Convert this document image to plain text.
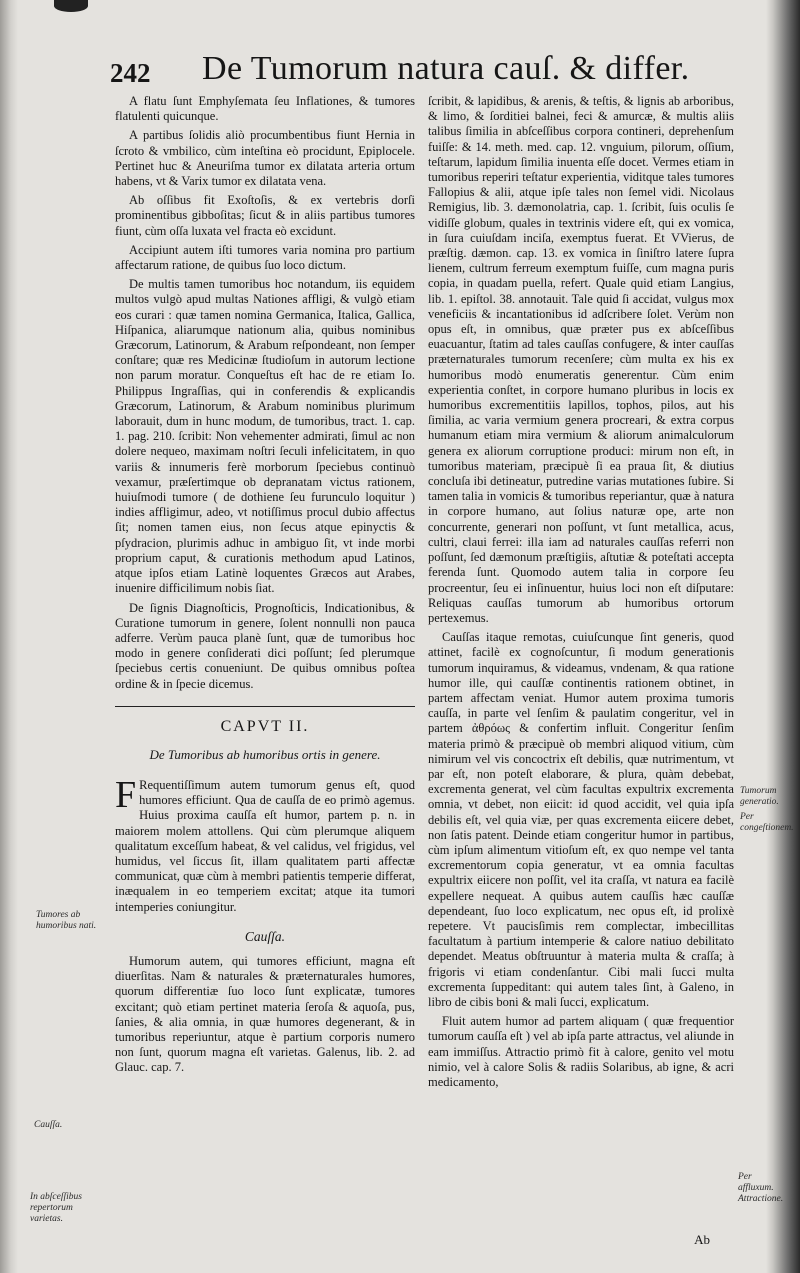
242 De Tumorum natura cauſ. & differ.

A flatu ſunt Emphyſemata ſeu Inflationes, & tumores flatulenti quicunque.

A partibus ſolidis aliò procumbentibus fiunt Hernia in ſcroto & vmbilico, cùm inteſtina eò procidunt, Epiplocele. Pertinet huc & Aneuriſma tumor ex dilatata arteria ortum habens, vt & Varix tumor ex dilatata vena.

Ab oſſibus fit Exoſtoſis, & ex vertebris dorſi prominentibus gibboſitas; ſicut & in aliis partibus tumores fiunt, cùm oſſa luxata vel fracta eò excidunt.

Accipiunt autem iſti tumores varia nomina pro partium affectarum ratione, de quibus ſuo loco dictum.

De multis tamen tumoribus hoc notandum, iis equidem multos vulgò apud multas Nationes affligi, & vulgò etiam eos curari : quæ tamen nomina Germanica, Italica, Gallica, Hiſpanica, aliarumque nationum alia, quibus nominibus Græcorum, Latinorum, & Arabum reſpondeant, non ſemper conſtare; quæ res Medicinæ ſtudioſum in autorum lectione non parum moratur. Conqueſtus eſt hac de re etiam Io. Philippus Ingraſſias, qui in conferendis & explicandis Græcorum, Latinorum, & Arabum nominibus plurimum laborauit, dum in hunc modum, de tumoribus, tract. 1. cap. 1. pag. 210. ſcribit: Non vehementer admirati, ſimul ac non dolere nequeo, maximam noſtri ſeculi infelicitatem, in quo variis & innumeris ferè morborum ſpeciebus continuò vexamur, præſertimque ob depranatam victus rationem, huiuſmodi tumore ( de dothiene ſeu furunculo loquitur ) indies affligimur, adeo, vt notiſſimus procul dubio affectus ſit; nomen tamen eius, non ſecus atque epinyctis & pſydracion, plurimis adhuc in ambiguo ſit, vt inde morbi proprium caput, & curationis methodum apud Latinos, atque ipſos etiam Latinè loquentes Græcos aut Arabes, inuenire difficilimum nobis ſiat.

De ſignis Diagnoſticis, Prognoſticis, Indicationibus, & Curatione tumorum in genere, ſolent nonnulli non pauca adferre. Verùm pauca planè ſunt, quæ de tumoribus hoc modo in genere conſiderati dici poſſunt; ſed plerumque ſpeciebus certis conueniunt. De quibus omnibus poſtea ordine & in ſpecie dicemus.

CAPVT II.
De Tumoribus ab humoribus ortis in genere.

FRequentiſſimum autem tumorum genus eſt, quod humores efficiunt. Qua de cauſſa de eo primò agemus. Huius proxima cauſſa eſt humor, partem p. n. in maiorem molem attollens. Qui cùm plerumque aliquem qualitatum exceſſum habeat, & vel calidus, vel frigidus, vel humidus, vel ſiccus ſit, illam qualitatem parti affectæ communicat, quæ cùm à membri patientis temperie differat, inæqualem in eo temperiem excitat; atque ita tumori intemperies coniungitur.

Cauſſa.

Humorum autem, qui tumores efficiunt, magna eſt diuerſitas. Nam & naturales & præternaturales humores, quorum differentiæ ſuo loco ſunt explicatæ, tumores excitant; quò etiam pertinet materia ſeroſa & aquoſa, pus, ſanies, & alia omnia, in quæ humores degenerant, & in tumoribus reperiuntur, atque è partium corporis numero non ſunt, quorum magna eſt varietas. Galenus, lib. 2. ad Glauc. cap. 7.

ſcribit, & lapidibus, & arenis, & teſtis, & lignis ab arboribus, & limo, & ſorditiei balnei, feci & amurcæ, & multis aliis talibus ſimilia in abſceſſibus corpora contineri, deprehenſum fuiſſe: & 14. meth. med. cap. 12. vnguium, pilorum, oſſium, teſtarum, lapidum ſimilia inuenta eſſe docet. Vermes etiam in tumoribus reperiri teſtatur experientia, viditque tales tumores Fallopius & alii, atque ipſe tales non ſemel vidi. Nicolaus Remigius, lib. 3. dæmonolatria, cap. 1. ſcribit, ſuis oculis ſe vidiſſe globum, quales in textrinis videre eſt, qui ex vomica, in ſura cuiuſdam inciſa, exemptus fuerat. Et VVierus, de præſtig. dæmon. cap. 13. ex vomica in ſiniſtro latere ſupra lienem, cultrum ferreum exemptum fuiſſe, cum magna puris copia, in quadam puella, refert. Quale quid etiam Langius, lib. 1. epiſtol. 38. annotauit. Tale quid ſi accidat, vulgus mox veneficiis & incantationibus id adſcribere ſolet. Verùm non opus eſt, in omnibus, quæ præter pus ex abſceſſibus euacuantur, ſtatim ad tales cauſſas confugere, & inter cauſſas præternaturales tumorum recenſere; cùm multa ex his ex humoribus modò enumeratis generentur. Cùm enim experientia conſtet, in corpore humano pluribus in locis ex humoribus excrementitiis lapillos, tophos, pilos, aut his ſimilia, ac varia vermium genera procreari, & extra corpus humanum etiam mira vermium & aliorum animalculorum genera ex aliorum corruptione produci: mirum non eſt, in tumoribus materiam, præcipuè ſi ea praua ſit, & diutius concluſa ibi detineatur, putredine varias mutationes ſubire. Si tamen talia in vomicis & tumoribus reperiantur, quæ à natura in corpore humano, aut ſolius naturæ ope, arte non concurrente, generari non poſſunt, vt ſunt metallica, acus, cultri, claui ferrei: illa iam ad naturales cauſſas referri non poſſunt, ſed dæmonum præſtigiis, aſtutiæ & poteſtati accepta ferenda ſunt. Quomodo autem talia in corpore ſeu procreentur, ſeu ei inſinuentur, huius loci non eſt diſputare: Reliquas cauſſas tumorum ab humoribus ortorum pertexemus.

Cauſſas itaque remotas, cuiuſcunque ſint generis, quod attinet, facilè ex cognoſcuntur, ſi modum generationis tumorum inquiramus, & videamus, vndenam, & qua ratione humor ille, qui cauſſæ continentis rationem obtinet, in partem affectam veniat. Humor autem proxima tumoris cauſſa, in parte vel ſenſim & paulatim congeritur, vel in partem ἀθρόως & confertim influit. Congeritur ſenſim materia primò & præcipuè ob membri aliquod vitium, cùm nimirum vel vis concoctrix eſt debilis, quæ nutrimentum, vt par eſt, non poteſt elaborare, & plura, quàm debebat, excrementa generat, vel cùm facultas expultrix excrementa omnia, vt debet, non eiicit: id quod accidit, vel quia ipſa debilis eſt, vel quia viæ, per quas excrementa eiicere debet, non ſatis patent. Deinde etiam congeritur humor in partibus, cùm ipſum alimentum vitioſum eſt, ex quo nempe vel tanta excrementorum copia generatur, vt ea omnia facultas expultrix eiicere non poſſit, vel ita craſſa, vt natura ea facilè expellere nequeat. A quibus autem cauſſis hæc cauſſæ dependeant, ſuo loco explicatum, nec opus eſt, id prolixè repetere. Vt paucisſimis rem complectar, imbecillitas facultatum à partium intemperie & calore natiuo debilitato dependet. Meatus obſtruuntur à materia multa & craſſa; à frigoris vi etiam condenſantur. Cibi mali ſucci multa excrementa ſuppeditant: qui autem tales ſint, à Galeno, in libro de cibis boni & mali ſucci, explicatum.

Fluit autem humor ad partem aliquam ( quæ frequentior tumorum cauſſa eſt ) vel ab ipſa parte attractus, vel aliunde in eam immiſſus. Attractio primò fit à calore, genito vel motu nimio, vel à calore Solis & radiis Solaribus, ab igne, & acri medicamento,

Tumores ab humoribus nati.
Cauſſa.
In abſceſſibus repertorum varietas.
Tumorum generatio.
Per congeſtionem.
Per affluxum. Attractione.
Ab
